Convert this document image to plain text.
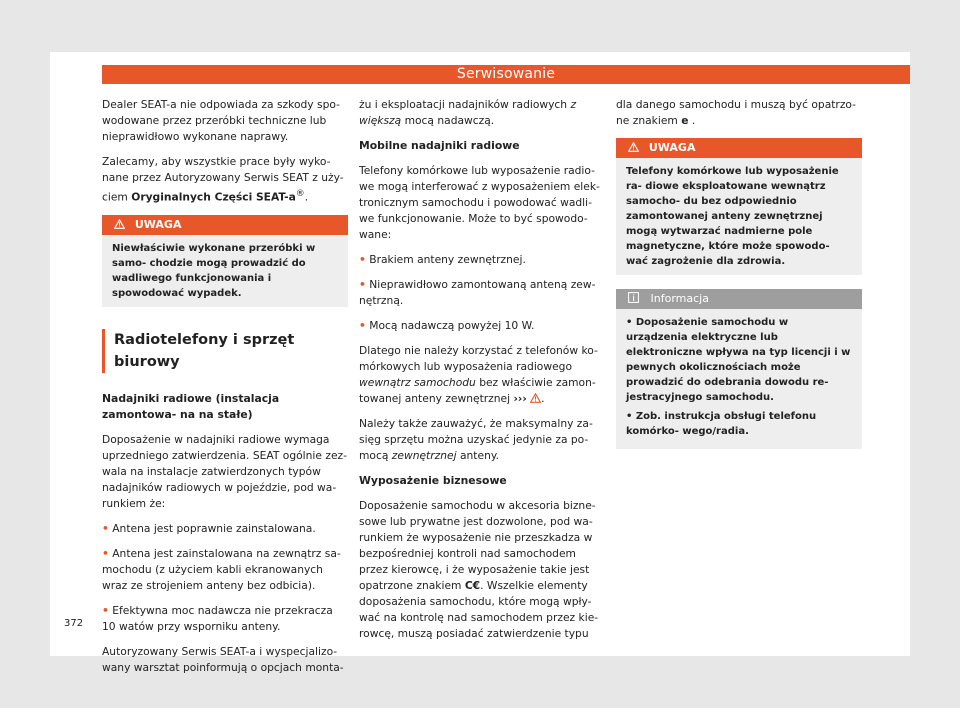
Serwisowanie

Dealer SEAT-a nie odpowiada za szkody spo- wodowane przez przeróbki techniczne lub nieprawidłowo wykonane naprawy.

Zalecamy, aby wszystkie prace były wyko- nane przez Autoryzowany Serwis SEAT z uży- ciem Oryginalnych Części SEAT-a®.

UWAGA
Niewłaściwie wykonane przeróbki w samo- chodzie mogą prowadzić do wadliwego funkcjonowania i spowodować wypadek.
Radiotelefony i sprzęt biurowy

Nadajniki radiowe (instalacja zamontowa- na na stałe)

Doposażenie w nadajniki radiowe wymaga uprzedniego zatwierdzenia. SEAT ogólnie zez- wala na instalacje zatwierdzonych typów nadajników radiowych w pojeździe, pod wa- runkiem że:

• Antena jest poprawnie zainstalowana.

• Antena jest zainstalowana na zewnątrz sa- mochodu (z użyciem kabli ekranowanych wraz ze strojeniem anteny bez odbicia).

• Efektywna moc nadawcza nie przekracza 10 watów przy wsporniku anteny.

Autoryzowany Serwis SEAT-a i wyspecjalizo- wany warsztat poinformują o opcjach monta-

żu i eksploatacji nadajników radiowych z większą mocą nadawczą.

Mobilne nadajniki radiowe

Telefony komórkowe lub wyposażenie radio- we mogą interferować z wyposażeniem elek- tronicznym samochodu i powodować wadli- we funkcjonowanie. Może to być spowodo- wane:

• Brakiem anteny zewnętrznej.

• Nieprawidłowo zamontowaną anteną zew- nętrzną.

• Mocą nadawczą powyżej 10 W.

Dlatego nie należy korzystać z telefonów ko- mórkowych lub wyposażenia radiowego wewnątrz samochodu bez właściwie zamon- towanej anteny zewnętrznej ››› .

Należy także zauważyć, że maksymalny za- sięg sprzętu można uzyskać jedynie za po- mocą zewnętrznej anteny.

Wyposażenie biznesowe

Doposażenie samochodu w akcesoria bizne- sowe lub prywatne jest dozwolone, pod wa- runkiem że wyposażenie nie przeszkadza w bezpośredniej kontroli nad samochodem przez kierowcę, i że wyposażenie takie jest opatrzone znakiem C€. Wszelkie elementy doposażenia samochodu, które mogą wpły- wać na kontrolę nad samochodem przez kie- rowcę, muszą posiadać zatwierdzenie typu

dla danego samochodu i muszą być opatrzo- ne znakiem e .

UWAGA
Telefony komórkowe lub wyposażenie ra- diowe eksploatowane wewnątrz samocho- du bez odpowiednio zamontowanej anteny zewnętrznej mogą wytwarzać nadmierne pole magnetyczne, które może spowodo- wać zagrożenie dla zdrowia.
Informacja

• Doposażenie samochodu w urządzenia elektryczne lub elektroniczne wpływa na typ licencji i w pewnych okolicznościach może prowadzić do odebrania dowodu re- jestracyjnego samochodu.

• Zob. instrukcja obsługi telefonu komórko- wego/radia.

372
